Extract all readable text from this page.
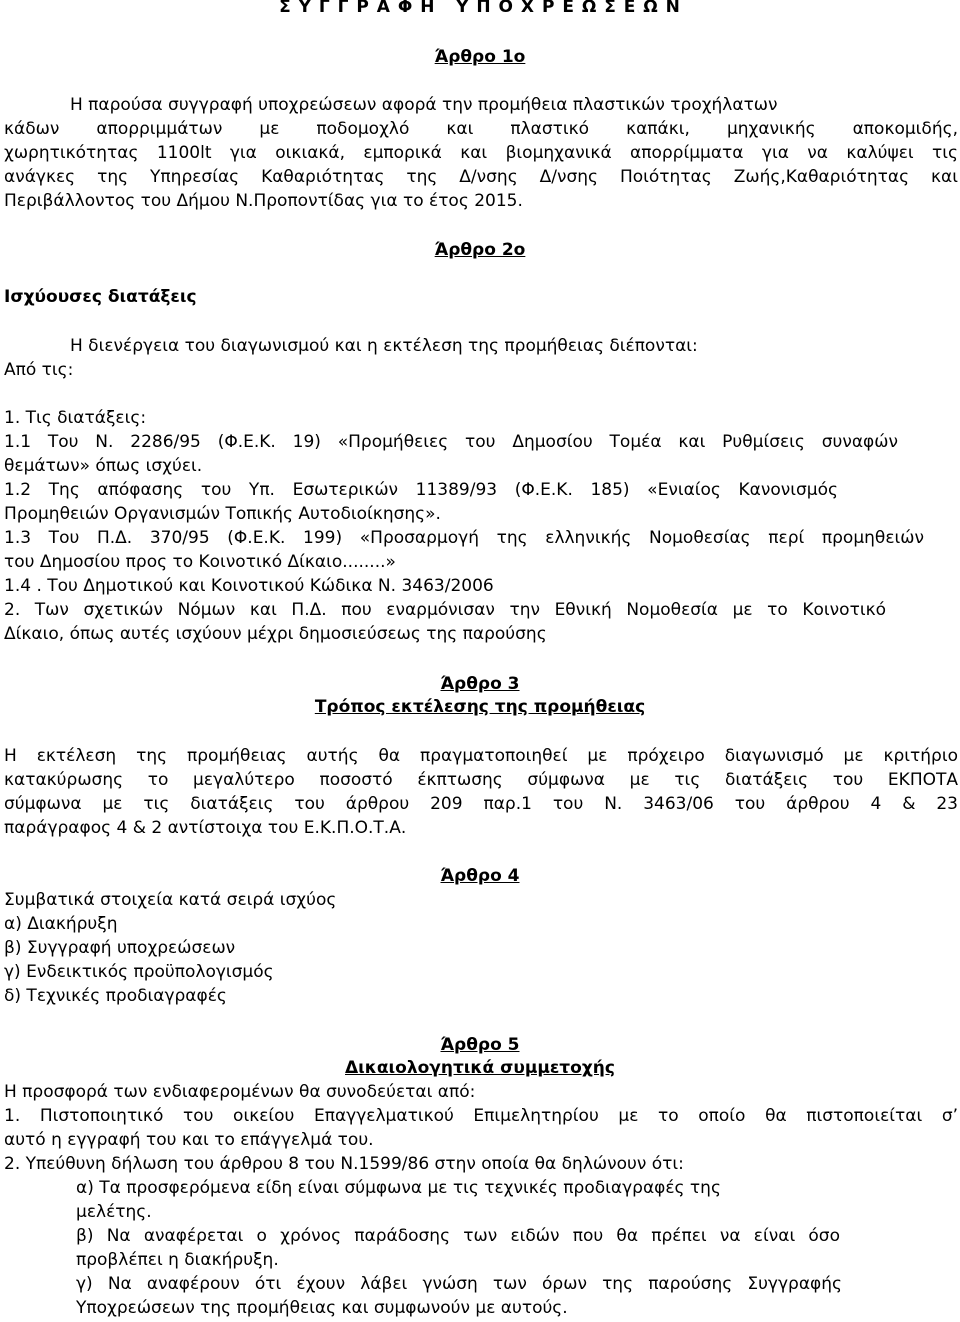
Σ Υ Γ Γ Ρ Α Φ Η   Υ Π Ο Χ Ρ Ε Ω Σ Ε Ω Ν
Άρθρο 1ο
Η παρούσα συγγραφή υποχρεώσεων αφορά την προμήθεια πλαστικών τροχήλατων
κάδων απορριμμάτων με ποδομοχλό και πλαστικό καπάκι, μηχανικής αποκομιδής,
χωρητικότητας 1100lt για οικιακά, εμπορικά και βιομηχανικά απορρίμματα για να καλύψει τις
ανάγκες της Υπηρεσίας Καθαριότητας της Δ/νσης Δ/νσης Ποιότητας Ζωής,Καθαριότητας και
Περιβάλλοντος του Δήμου Ν.Προποντίδας για το έτος 2015.
Άρθρο 2ο
Ισχύουσες διατάξεις
Η διενέργεια του διαγωνισμού και η εκτέλεση της προμήθειας διέπονται:
Από τις:
1. Τις διατάξεις:
1.1 Του Ν. 2286/95 (Φ.Ε.Κ. 19) «Προμήθειες του Δημοσίου Τομέα και Ρυθμίσεις συναφών
θεμάτων» όπως ισχύει.
1.2 Της απόφασης του Υπ. Εσωτερικών 11389/93 (Φ.Ε.Κ. 185) «Ενιαίος Κανονισμός
Προμηθειών Οργανισμών Τοπικής Αυτοδιοίκησης».
1.3 Του Π.Δ. 370/95 (Φ.Ε.Κ. 199) «Προσαρμογή της ελληνικής Νομοθεσίας περί προμηθειών
του Δημοσίου προς το Κοινοτικό Δίκαιο........»
1.4 . Του Δημοτικού και Κοινοτικού Κώδικα Ν. 3463/2006
2. Των σχετικών Νόμων και Π.Δ. που εναρμόνισαν την Εθνική Νομοθεσία με το Κοινοτικό
Δίκαιο, όπως αυτές ισχύουν μέχρι δημοσιεύσεως της παρούσης
Άρθρο 3
Τρόπος εκτέλεσης της προμήθειας
Η εκτέλεση της προμήθειας αυτής θα πραγματοποιηθεί με πρόχειρο διαγωνισμό με κριτήριο
κατακύρωσης το μεγαλύτερο ποσοστό έκπτωσης σύμφωνα με τις διατάξεις του ΕΚΠΟΤΑ
σύμφωνα με τις διατάξεις του άρθρου 209 παρ.1 του Ν. 3463/06 του άρθρου 4 & 23
παράγραφος 4 & 2 αντίστοιχα του Ε.Κ.Π.Ο.Τ.Α.
Άρθρο 4
Συμβατικά στοιχεία κατά σειρά ισχύος
α) Διακήρυξη
β) Συγγραφή υποχρεώσεων
γ) Ενδεικτικός προϋπολογισμός
δ) Τεχνικές προδιαγραφές
Άρθρο 5
Δικαιολογητικά συμμετοχής
Η προσφορά των ενδιαφερομένων θα συνοδεύεται από:
1. Πιστοποιητικό του οικείου Επαγγελματικού Επιμελητηρίου με το οποίο θα πιστοποιείται σ’
αυτό η εγγραφή του και το επάγγελμά του.
2. Υπεύθυνη δήλωση του άρθρου 8 του Ν.1599/86 στην οποία θα δηλώνουν ότι:
α) Τα προσφερόμενα είδη είναι σύμφωνα με τις τεχνικές προδιαγραφές της
μελέτης.
β) Να αναφέρεται ο χρόνος παράδοσης των ειδών που θα πρέπει να είναι όσο
προβλέπει η διακήρυξη.
γ) Να αναφέρουν ότι έχουν λάβει γνώση των όρων της παρούσης Συγγραφής
Υποχρεώσεων της προμήθειας και συμφωνούν με αυτούς.
